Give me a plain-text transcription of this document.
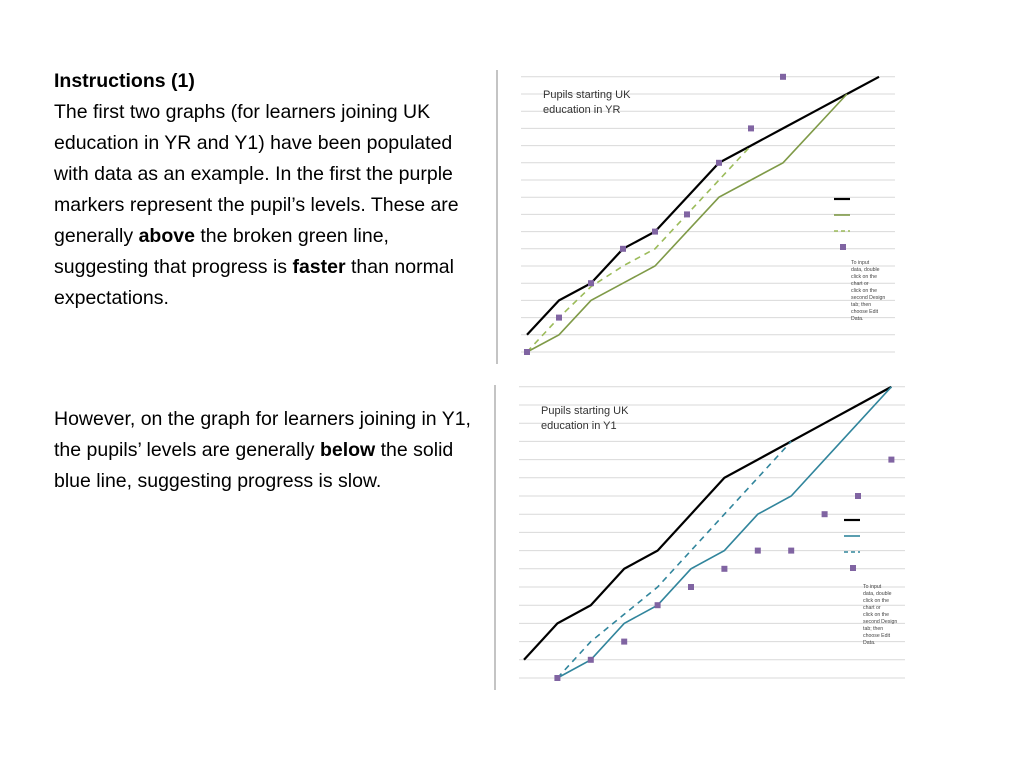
Instructions (1)
The first two graphs (for learners joining UK education in YR and Y1) have been populated with data as an example. In the first the purple markers represent the pupil’s levels. These are generally above the broken green line, suggesting that progress is faster than normal expectations.
However, on the graph for learners joining in Y1, the pupils’ levels are generally below the solid blue line, suggesting progress is slow.
Pupils starting UK education in YR
To input data, double click on the chart or click on the second Design tab; then choose Edit Data.
Pupils starting UK education in Y1
To input data, double click on the chart or click on the second Design tab; then choose Edit Data.
